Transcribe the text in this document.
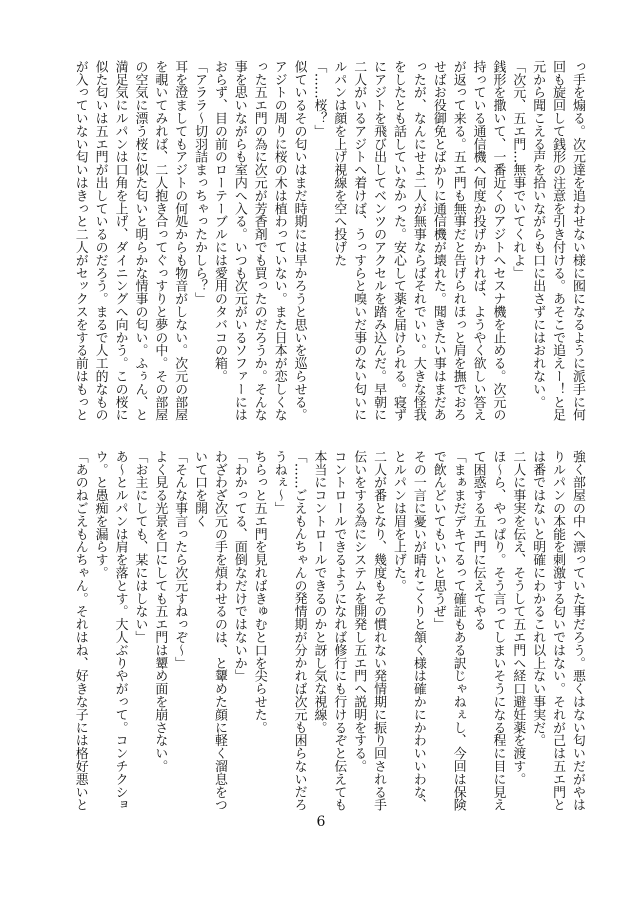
っ手を煽る。次元達を追わせない様に囮になるように派手に何
回も旋回して銭形の注意を引き付ける。あそこで追えー！と足
元から聞こえる声を拾いながらも口に出さずにはおれない。
「次元、五エ門…無事でいてくれよ」
銭形を撒いて、一番近くのアジトへセスナ機を止める。次元の
持っている通信機へ何度か投げかければ、ようやく欲しい答え
が返って来る。五エ門も無事だと告げられほっと肩を撫でおろ
せばお役御免とばかりに通信機が壊れた。聞きたい事はまだあ
ったが、なんにせよ二人が無事ならばそれでいい。大きな怪我
をしたとも話していなかった。安心して薬を届けられる。寝ず
にアジトを飛び出してベンツのアクセルを踏み込んだ。早朝に
二人がいるアジトへ着けば、うっすらと嗅いだ事のない匂いに
ルパンは顔を上げ視線を空へ投げた
「……桜？」
似ているその匂いはまだ時期には早かろうと思いを巡らせる。
アジトの周りに桜の木は植わっていない。また日本が恋しくな
った五エ門の為に次元が芳香剤でも買ったのだろうか。そんな
事を思いながらも室内へ入る。いつも次元がいるソファーには
おらず、目の前のローテーブルには愛用のタバコの箱。
「アララ～切羽詰まっちゃったかしら？」
耳を澄ましてもアジトの何処からも物音がしない。次元の部屋
を覗いてみれば、二人抱き合ってぐっすりと夢の中。その部屋
の空気に漂う桜に似た匂いと明らかな情事の匂い。ふぅん、と
満足気にルパンは口角を上げ、ダイニングへ向かう。この桜に
似た匂いは五エ門が出しているのだろう。まるで人工的なもの
が入っていない匂いはきっと二人がセックスをする前はもっと
強く部屋の中へ漂っていた事だろう。悪くはない匂いだがやは
りルパンの本能を刺激する匂いではない。それが己は五エ門と
は番ではないと明確にわかるこれ以上ない事実だ。
二人に事実を伝え、そうして五エ門へ経口避妊薬を渡す。
ほ～ら、やっぱり。そう言ってしまいそうになる程に目に見え
て困惑する五エ門に伝えてやる
「まぁまだデキてるって確証もある訳じゃねぇし、今回は保険
で飲んどいてもいいと思うぜ」
その一言に憂いが晴れこくりと頷く様は確かにかわいいわな、
とルパンは眉を上げた。
二人が番となり、幾度もその慣れない発情期に振り回される手
伝いをする為にシステムを開発し五エ門へ説明をする。
コントロールできるようになれば修行にも行けるぞと伝えても
本当にコントロールできるのかと訝し気な視線。
「……ごえもんちゃんの発情期が分かれば次元も困らないだろ
うねぇ～」
ちらっと五エ門を見ればきゅむと口を尖らせた。
「わかってる、面倒なだけではないか」
わざわざ次元の手を煩わせるのは、と顰めた顔に軽く溜息をつ
いて口を開く
「そんな事言ったら次元すねっぞ～」
よく見る光景を口にしても五エ門は顰め面を崩さない。
「お主にしても、某にはしない」
あ～とルパンは肩を落とす。大人ぶりやがって。コンチクショ
ウ。と愚痴を漏らす。
「あのねごえもんちゃん。それはね、好きな子には格好悪いと
6
